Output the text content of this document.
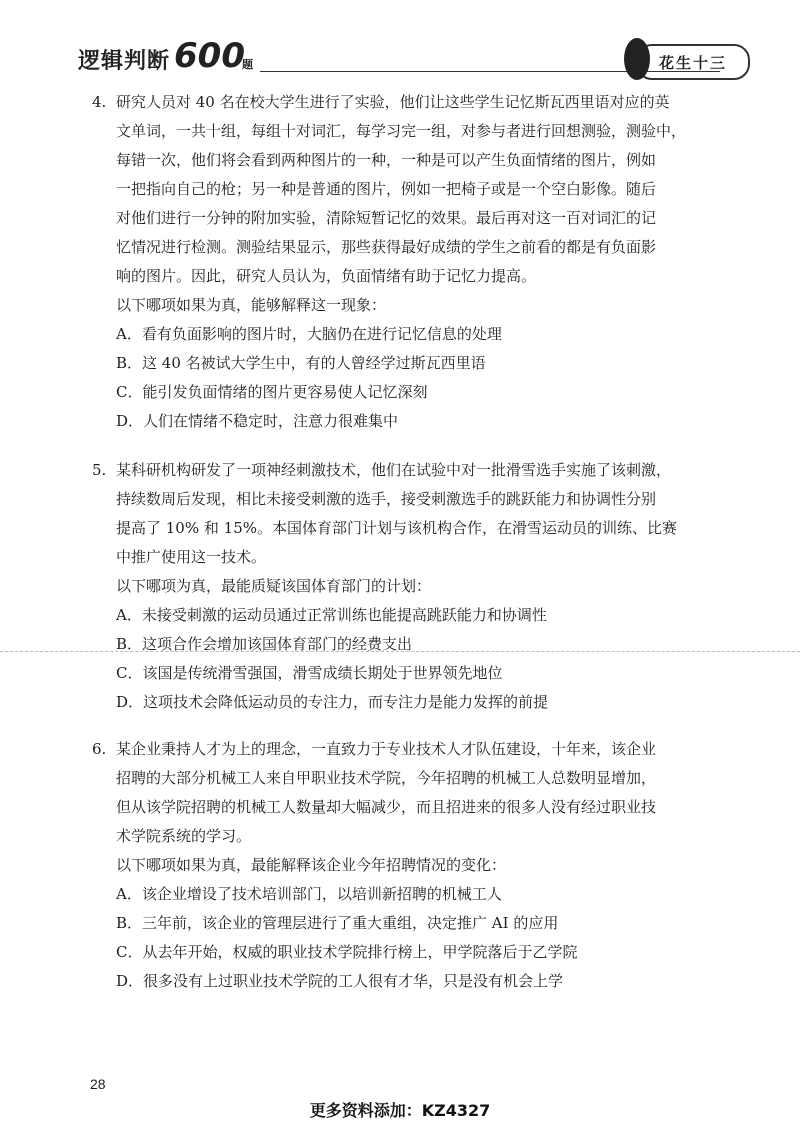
逻辑判断 600
题	花生十三
4. 研究人员对 40 名在校大学生进行了实验，他们让这些学生记忆斯瓦西里语对应的英
文单词，一共十组，每组十对词汇，每学习完一组，对参与者进行回想测验，测验中，
每错一次，他们将会看到两种图片的一种，一种是可以产生负面情绪的图片，例如
一把指向自己的枪；另一种是普通的图片，例如一把椅子或是一个空白影像。随后
对他们进行一分钟的附加实验，清除短暂记忆的效果。最后再对这一百对词汇的记
忆情况进行检测。测验结果显示，那些获得最好成绩的学生之前看的都是有负面影
响的图片。因此，研究人员认为，负面情绪有助于记忆力提高。
以下哪项如果为真，能够解释这一现象：
A．看有负面影响的图片时，大脑仍在进行记忆信息的处理
B．这 40 名被试大学生中，有的人曾经学过斯瓦西里语
C．能引发负面情绪的图片更容易使人记忆深刻
D．人们在情绪不稳定时，注意力很难集中
5. 某科研机构研发了一项神经刺激技术，他们在试验中对一批滑雪选手实施了该刺激，
持续数周后发现，相比未接受刺激的选手，接受刺激选手的跳跃能力和协调性分别
提高了 10% 和 15%。本国体育部门计划与该机构合作，在滑雪运动员的训练、比赛
中推广使用这一技术。
以下哪项为真，最能质疑该国体育部门的计划：
A．未接受刺激的运动员通过正常训练也能提高跳跃能力和协调性
B．这项合作会增加该国体育部门的经费支出
C．该国是传统滑雪强国，滑雪成绩长期处于世界领先地位
D．这项技术会降低运动员的专注力，而专注力是能力发挥的前提
6. 某企业秉持人才为上的理念，一直致力于专业技术人才队伍建设，十年来，该企业
招聘的大部分机械工人来自甲职业技术学院，今年招聘的机械工人总数明显增加，
但从该学院招聘的机械工人数量却大幅减少，而且招进来的很多人没有经过职业技
术学院系统的学习。
以下哪项如果为真，最能解释该企业今年招聘情况的变化：
A．该企业增设了技术培训部门，以培训新招聘的机械工人
B．三年前，该企业的管理层进行了重大重组，决定推广 AI 的应用
C．从去年开始，权威的职业技术学院排行榜上，甲学院落后于乙学院
D．很多没有上过职业技术学院的工人很有才华，只是没有机会上学
28
更多资料添加：KZ4327
